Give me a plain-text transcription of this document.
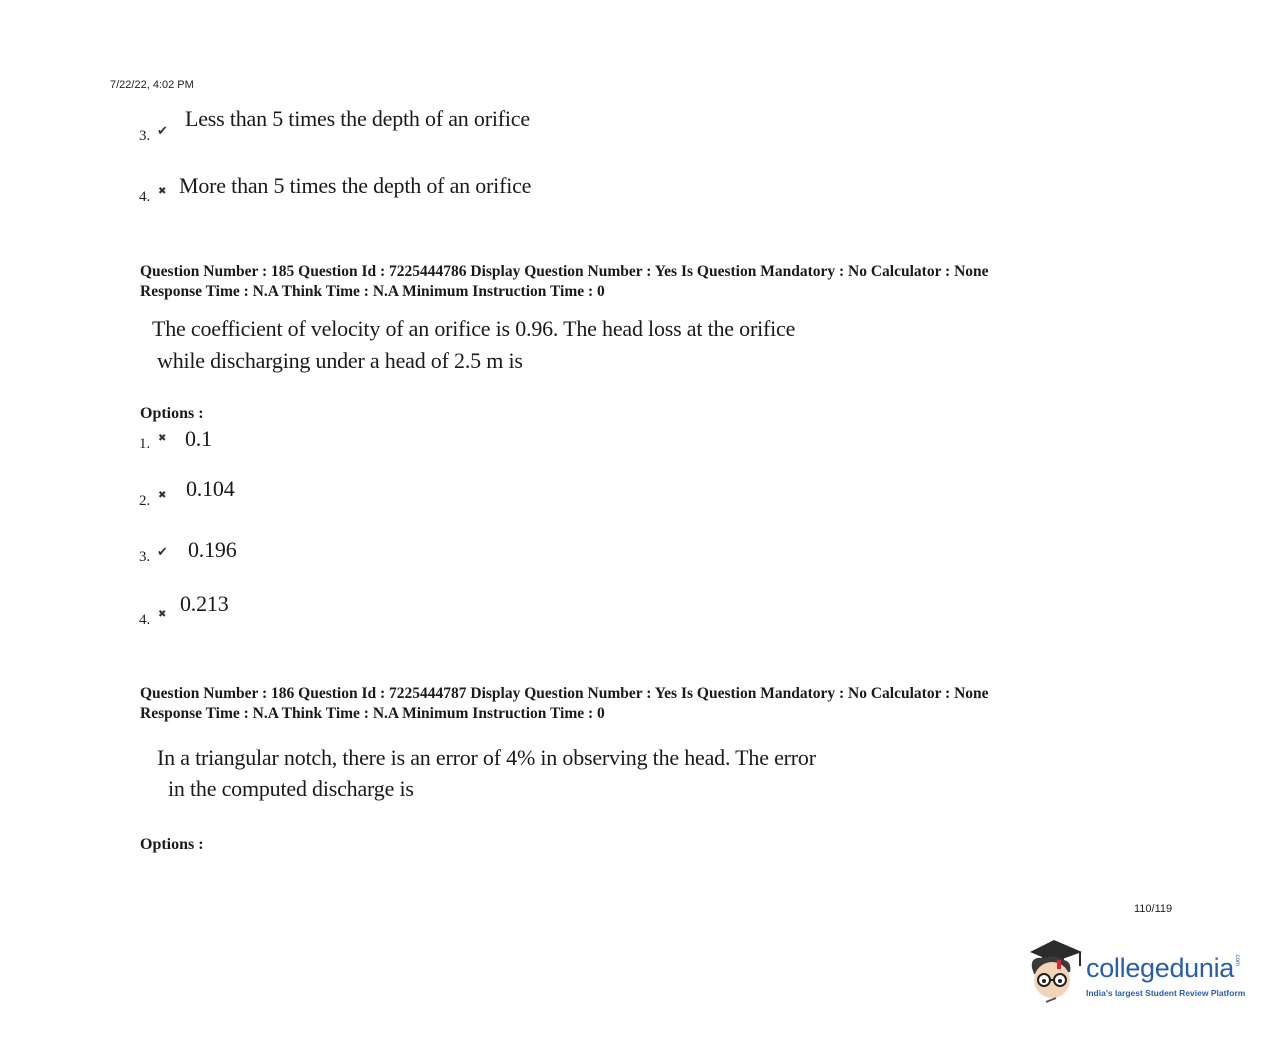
7/22/22, 4:02 PM
3. ✔
Less than 5 times the depth of an orifice
4. ✖ More than 5 times the depth of an orifice
Question Number : 185 Question Id : 7225444786 Display Question Number : Yes Is Question Mandatory : No Calculator : None
Response Time : N.A Think Time : N.A Minimum Instruction Time : 0
The coefficient of velocity of an orifice is 0.96. The head loss at the orifice
while discharging under a head of 2.5 m is
Options :
1. ✖ 0.1
2. ✖ 0.104
3. ✔ 0.196
4. ✖ 0.213
Question Number : 186 Question Id : 7225444787 Display Question Number : Yes Is Question Mandatory : No Calculator : None
Response Time : N.A Think Time : N.A Minimum Instruction Time : 0
In a triangular notch, there is an error of 4% in observing the head. The error
in the computed discharge is
Options :
110/119
collegedunia.com
India's largest Student Review Platform
